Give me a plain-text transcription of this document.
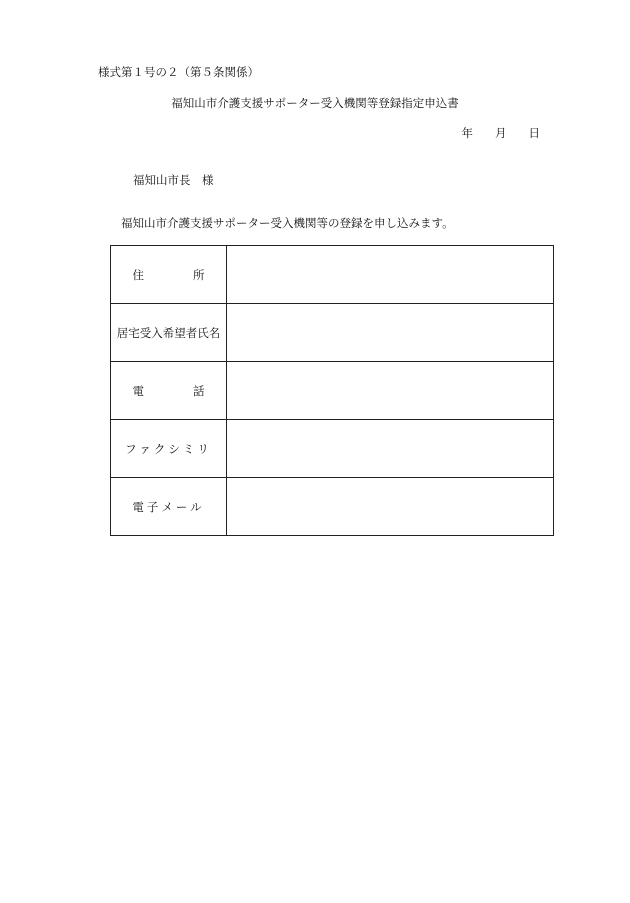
様式第１号の２（第５条関係）
福知山市介護支援サポーター受入機関等登録指定申込書
年 月 日
福知山市長　様
福知山市介護支援サポーター受入機関等の登録を申し込みます。
住　　所	
居宅受入希望者氏名	
電　　話	
ファクシミリ	
電子メール	
